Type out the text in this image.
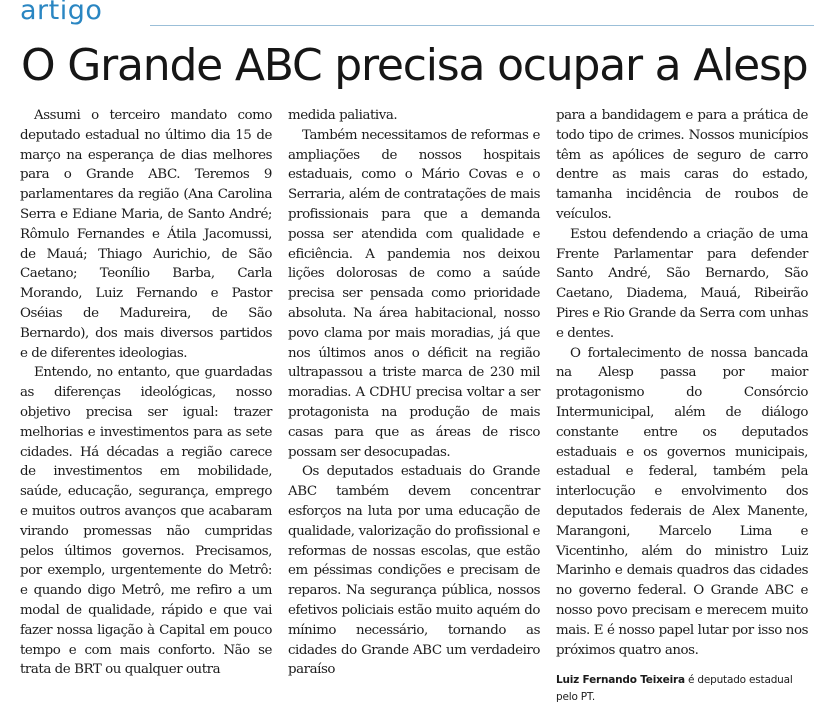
artigo
O Grande ABC precisa ocupar a Alesp

Assumi o terceiro mandato como deputado estadual no último dia 15 de março na esperança de dias melhores para o Grande ABC. Teremos 9 parlamentares da região (Ana Carolina Serra e Ediane Maria, de Santo André; Rômulo Fernandes e Átila Jacomussi, de Mauá; Thiago Aurichio, de São Caetano; Teonílio Barba, Carla Morando, Luiz Fernando e Pastor Oséias de Madureira, de São Bernardo), dos mais diversos partidos e de diferentes ideologias.

Entendo, no entanto, que guardadas as diferenças ideológicas, nosso objetivo precisa ser igual: trazer melhorias e investimentos para as sete cidades. Há décadas a região carece de investimentos em mobilidade, saúde, educação, segurança, emprego e muitos outros avanços que acabaram virando promessas não cumpridas pelos últimos governos. Precisamos, por exemplo, urgentemente do Metrô: e quando digo Metrô, me refiro a um modal de qualidade, rápido e que vai fazer nossa ligação à Capital em pouco tempo e com mais conforto. Não se trata de BRT ou qualquer outra

medida paliativa.

Também necessitamos de reformas e ampliações de nossos hospitais estaduais, como o Mário Covas e o Serraria, além de contratações de mais profissionais para que a demanda possa ser atendida com qualidade e eficiência. A pandemia nos deixou lições dolorosas de como a saúde precisa ser pensada como prioridade absoluta. Na área habitacional, nosso povo clama por mais moradias, já que nos últimos anos o déficit na região ultrapassou a triste marca de 230 mil moradias. A CDHU precisa voltar a ser protagonista na produção de mais casas para que as áreas de risco possam ser desocupadas.

Os deputados estaduais do Grande ABC também devem concentrar esforços na luta por uma educação de qualidade, valorização do profissional e reformas de nossas escolas, que estão em péssimas condições e precisam de reparos. Na segurança pública, nossos efetivos policiais estão muito aquém do mínimo necessário, tornando as cidades do Grande ABC um verdadeiro paraíso

para a bandidagem e para a prática de todo tipo de crimes. Nossos municípios têm as apólices de seguro de carro dentre as mais caras do estado, tamanha incidência de roubos de veículos.

Estou defendendo a criação de uma Frente Parlamentar para defender Santo André, São Bernardo, São Caetano, Diadema, Mauá, Ribeirão Pires e Rio Grande da Serra com unhas e dentes.

O fortalecimento de nossa bancada na Alesp passa por maior protagonismo do Consórcio Intermunicipal, além de diálogo constante entre os deputados estaduais e os governos municipais, estadual e federal, também pela interlocução e envolvimento dos deputados federais de Alex Manente, Marangoni, Marcelo Lima e Vicentinho, além do ministro Luiz Marinho e demais quadros das cidades no governo federal. O Grande ABC e nosso povo precisam e merecem muito mais. E é nosso papel lutar por isso nos próximos quatro anos.

Luiz Fernando Teixeira é deputado estadual pelo PT.
